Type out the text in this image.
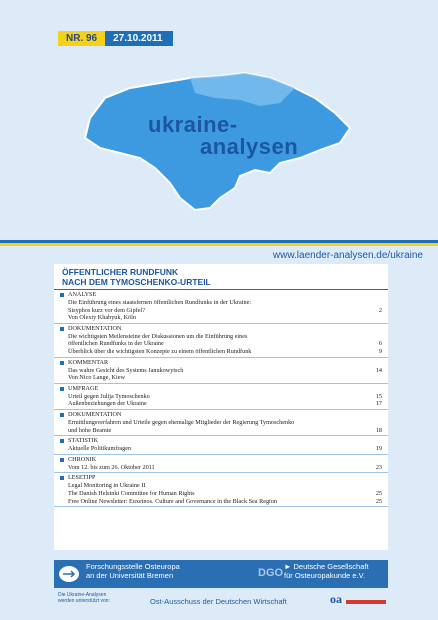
NR. 96	27.10.2011
ukraine-
analysen
www.laender-analysen.de/ukraine
ÖFFENTLICHER RUNDFUNK
NACH DEM TYMOSCHENKO-URTEIL
ANALYSE
Die Einführung eines staatsfernen öffentlichen Rundfunks in der Ukraine:
Sisyphos kurz vor dem Gipfel?	2
Von Olexiy Khabyuk, Köln
DOKUMENTATION
Die wichtigsten Meilensteine der Diskussionen um die Einführung eines
öffentlichen Rundfunks in der Ukraine	6
Überblick über die wichtigsten Konzepte zu einem öffentlichen Rundfunk	9
KOMMENTAR
Das wahre Gesicht des Systems Janukowytsch	14
Von Nico Lange, Kiew
UMFRAGE
Urteil gegen Julija Tymoschenko	15
Außenbeziehungen der Ukraine	17
DOKUMENTATION
Ermittlungsverfahren und Urteile gegen ehemalige Mitglieder der Regierung Tymoschenko
und hohe Beamte	18
STATISTIK
Aktuelle Politikumfragen	19
CHRONIK
Vom 12. bis zum 26. Oktober 2011	23
LESETIPP
Legal Monitoring in Ukraine II
The Danish Helsinki Committee for Human Rights	25
Free Online Newsletter: Euxeinos. Culture and Governance in the Black Sea Region	25
Forschungsstelle Osteuropa
an der Universität Bremen	DGO
► Deutsche Gesellschaft
für Osteuropakunde e.V.
Die Ukraine-Analysen
werden unterstützt von:	Ost-Ausschuss der Deutschen Wirtschaft	oa
